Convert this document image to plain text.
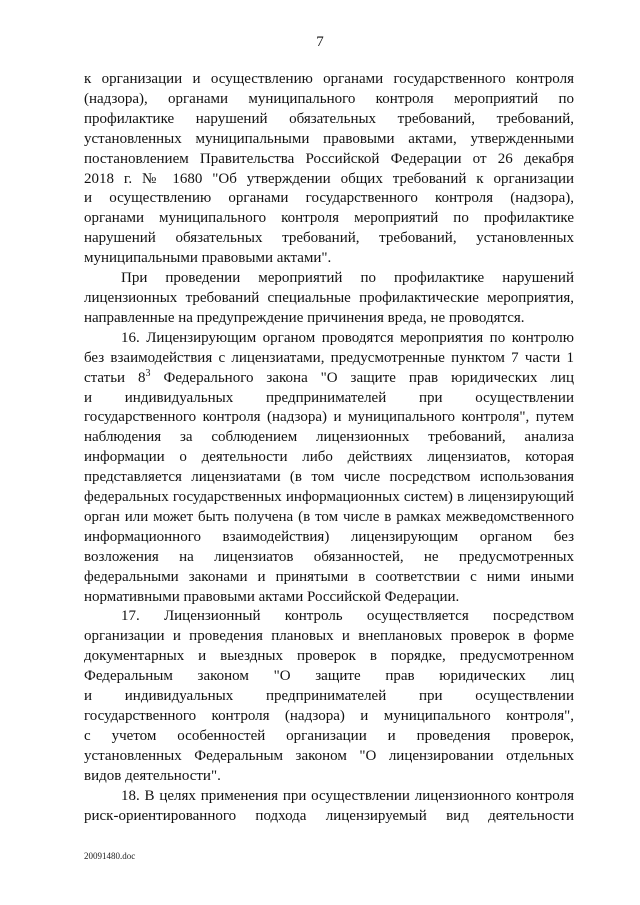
7

к организации и осуществлению органами государственного контроля
(надзора), органами муниципального контроля мероприятий по
профилактике нарушений обязательных требований, требований,
установленных муниципальными правовыми актами, утвержденными
постановлением Правительства Российской Федерации от 26 декабря
2018 г. № 1680 "Об утверждении общих требований к организации
и осуществлению органами государственного контроля (надзора),
органами муниципального контроля мероприятий по профилактике
нарушений обязательных требований, требований, установленных
муниципальными правовыми актами".

При проведении мероприятий по профилактике нарушений
лицензионных требований специальные профилактические мероприятия,
направленные на предупреждение причинения вреда, не проводятся.

16. Лицензирующим органом проводятся мероприятия по контролю
без взаимодействия с лицензиатами, предусмотренные пунктом 7 части 1
статьи $8^3$ Федерального закона "О защите прав юридических лиц
и индивидуальных предпринимателей при осуществлении
государственного контроля (надзора) и муниципального контроля", путем
наблюдения за соблюдением лицензионных требований, анализа
информации о деятельности либо действиях лицензиатов, которая
представляется лицензиатами (в том числе посредством использования
федеральных государственных информационных систем) в лицензирующий
орган или может быть получена (в том числе в рамках межведомственного
информационного взаимодействия) лицензирующим органом без
возложения на лицензиатов обязанностей, не предусмотренных
федеральными законами и принятыми в соответствии с ними иными
нормативными правовыми актами Российской Федерации.

17. Лицензионный контроль осуществляется посредством
организации и проведения плановых и внеплановых проверок в форме
документарных и выездных проверок в порядке, предусмотренном
Федеральным законом "О защите прав юридических лиц
и индивидуальных предпринимателей при осуществлении
государственного контроля (надзора) и муниципального контроля",
с учетом особенностей организации и проведения проверок,
установленных Федеральным законом "О лицензировании отдельных
видов деятельности".

18. В целях применения при осуществлении лицензионного контроля
риск-ориентированного подхода лицензируемый вид деятельности

20091480.doc
